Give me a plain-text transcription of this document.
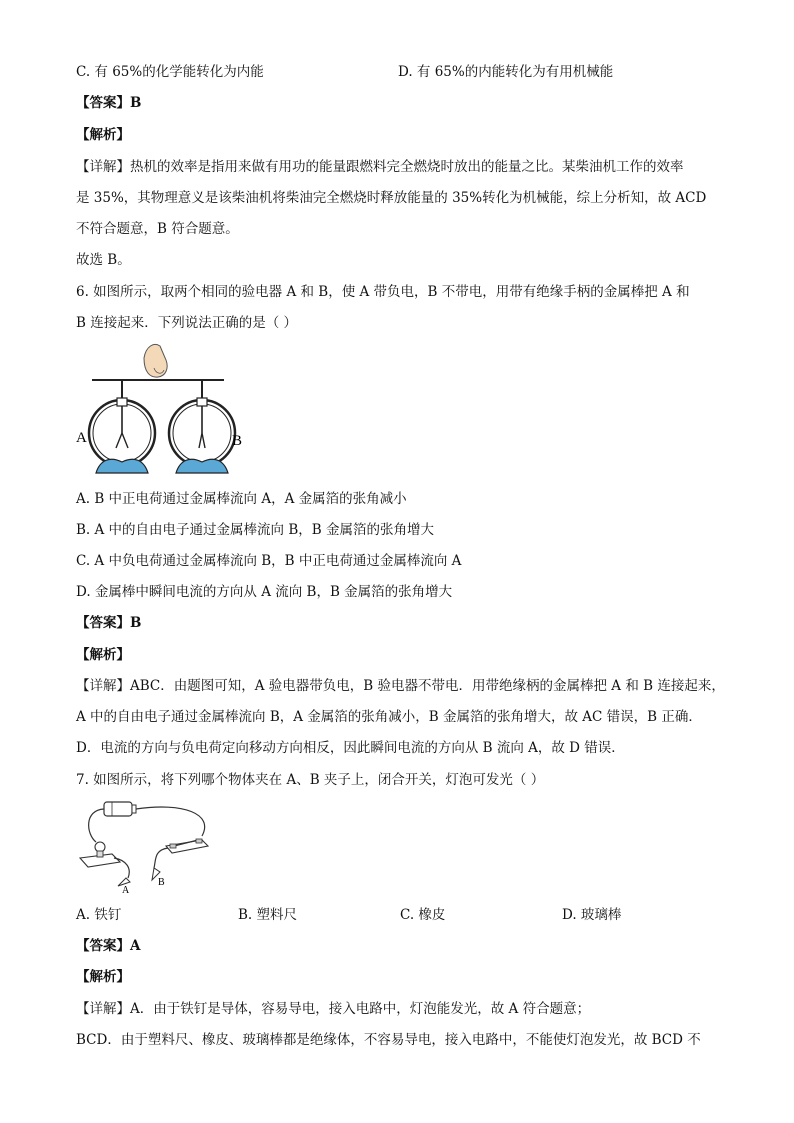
C. 有 65%的化学能转化为内能	D. 有 65%的内能转化为有用机械能
【答案】B
【解析】
【详解】热机的效率是指用来做有用功的能量跟燃料完全燃烧时放出的能量之比。某柴油机工作的效率
是 35%，其物理意义是该柴油机将柴油完全燃烧时释放能量的 35%转化为机械能，综上分析知，故 ACD
不符合题意，B 符合题意。
故选 B。
6. 如图所示，取两个相同的验电器 A 和 B，使 A 带负电，B 不带电，用带有绝缘手柄的金属棒把 A 和
B 连接起来．下列说法正确的是（ ）
A	B
A. B 中正电荷通过金属棒流向 A，A 金属箔的张角减小
B. A 中的自由电子通过金属棒流向 B，B 金属箔的张角增大
C. A 中负电荷通过金属棒流向 B，B 中正电荷通过金属棒流向 A
D. 金属棒中瞬间电流的方向从 A 流向 B，B 金属箔的张角增大
【答案】B
【解析】
【详解】ABC．由题图可知，A 验电器带负电，B 验电器不带电．用带绝缘柄的金属棒把 A 和 B 连接起来，
A 中的自由电子通过金属棒流向 B，A 金属箔的张角减小，B 金属箔的张角增大，故 AC 错误，B 正确．
D．电流的方向与负电荷定向移动方向相反，因此瞬间电流的方向从 B 流向 A，故 D 错误．
7. 如图所示，将下列哪个物体夹在 A、B 夹子上，闭合开关，灯泡可发光（ ）
A
B
A. 铁钉	B. 塑料尺	C. 橡皮	D. 玻璃棒
【答案】A
【解析】
【详解】A．由于铁钉是导体，容易导电，接入电路中，灯泡能发光，故 A 符合题意；
BCD．由于塑料尺、橡皮、玻璃棒都是绝缘体，不容易导电，接入电路中，不能使灯泡发光，故 BCD 不
